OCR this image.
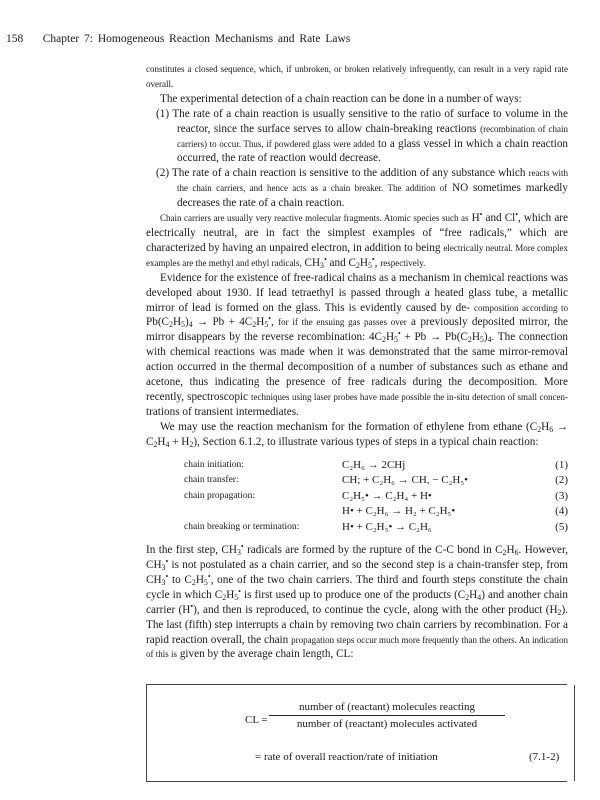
158 Chapter 7: Homogeneous Reaction Mechanisms and Rate Laws

constitutes a closed sequence, which, if unbroken, or broken relatively infrequently, can result in a very rapid rate overall.

The experimental detection of a chain reaction can be done in a number of ways:

(1) The rate of a chain reaction is usually sensitive to the ratio of surface to volume in the reactor, since the surface serves to allow chain-breaking reactions (recombination of chain carriers) to occur. Thus, if powdered glass were added to a glass vessel in which a chain reaction occurred, the rate of reaction would decrease.

(2) The rate of a chain reaction is sensitive to the addition of any substance which reacts with the chain carriers, and hence acts as a chain breaker. The addition of NO sometimes markedly decreases the rate of a chain reaction.

Chain carriers are usually very reactive molecular fragments. Atomic species such as H• and Cl•, which are electrically neutral, are in fact the simplest examples of “free radicals,” which are characterized by having an unpaired electron, in addition to being electrically neutral. More complex examples are the methyl and ethyl radicals, $CH_3^•$ and $C_2H_5^•$, respectively.

Evidence for the existence of free-radical chains as a mechanism in chemical reactions was developed about 1930. If lead tetraethyl is passed through a heated glass tube, a metallic mirror of lead is formed on the glass. This is evidently caused by de- composition according to $Pb(C_2H_5)_4 \to Pb + 4C_2H_5^•$, for if the ensuing gas passes over a previously deposited mirror, the mirror disappears by the reverse recombination: $4C_2H_5^• + Pb \to Pb(C_2H_5)_4$. The connection with chemical reactions was made when it was demonstrated that the same mirror-removal action occurred in the thermal decomposition of a number of substances such as ethane and acetone, thus indicating the presence of free radicals during the decomposition. More recently, spectroscopic techniques using laser probes have made possible the in-situ detection of small concen- trations of transient intermediates.

We may use the reaction mechanism for the formation of ethylene from ethane $(C_2H_6 \to C_2H_4 + H_2)$, Section 6.1.2, to illustrate various types of steps in a typical chain reaction:

chain initiation:	C₂H₆ → 2CHj	(1)
chain transfer:	CH; + C₂H₆ → CH, − C₂H₅•	(2)
chain propagation:	C₂H₅• → C₂H₄ + H•	(3)
	H• + C₂H₆ → H₂ + C₂H₅•	(4)
chain breaking or termination:	H• + C₂H₅• → C₂H₆	(5)

In the first step, $CH_3^•$ radicals are formed by the rupture of the C-C bond in $C_2H_6$. However, $CH_3^•$ is not postulated as a chain carrier, and so the second step is a chain-transfer step, from $CH_3^•$ to $C_2H_5^•$, one of the two chain carriers. The third and fourth steps constitute the chain cycle in which $C_2H_5^•$ is first used up to produce one of the products $(C_2H_4)$ and another chain carrier (H•), and then is reproduced, to continue the cycle, along with the other product $(H_2)$. The last (fifth) step interrupts a chain by removing two chain carriers by recombination. For a rapid reaction overall, the chain propagation steps occur much more frequently than the others. An indication of this is given by the average chain length, CL:

CL =
number of (reactant) molecules reacting
number of (reactant) molecules activated
= rate of overall reaction/rate of initiation	(7.1-2)
